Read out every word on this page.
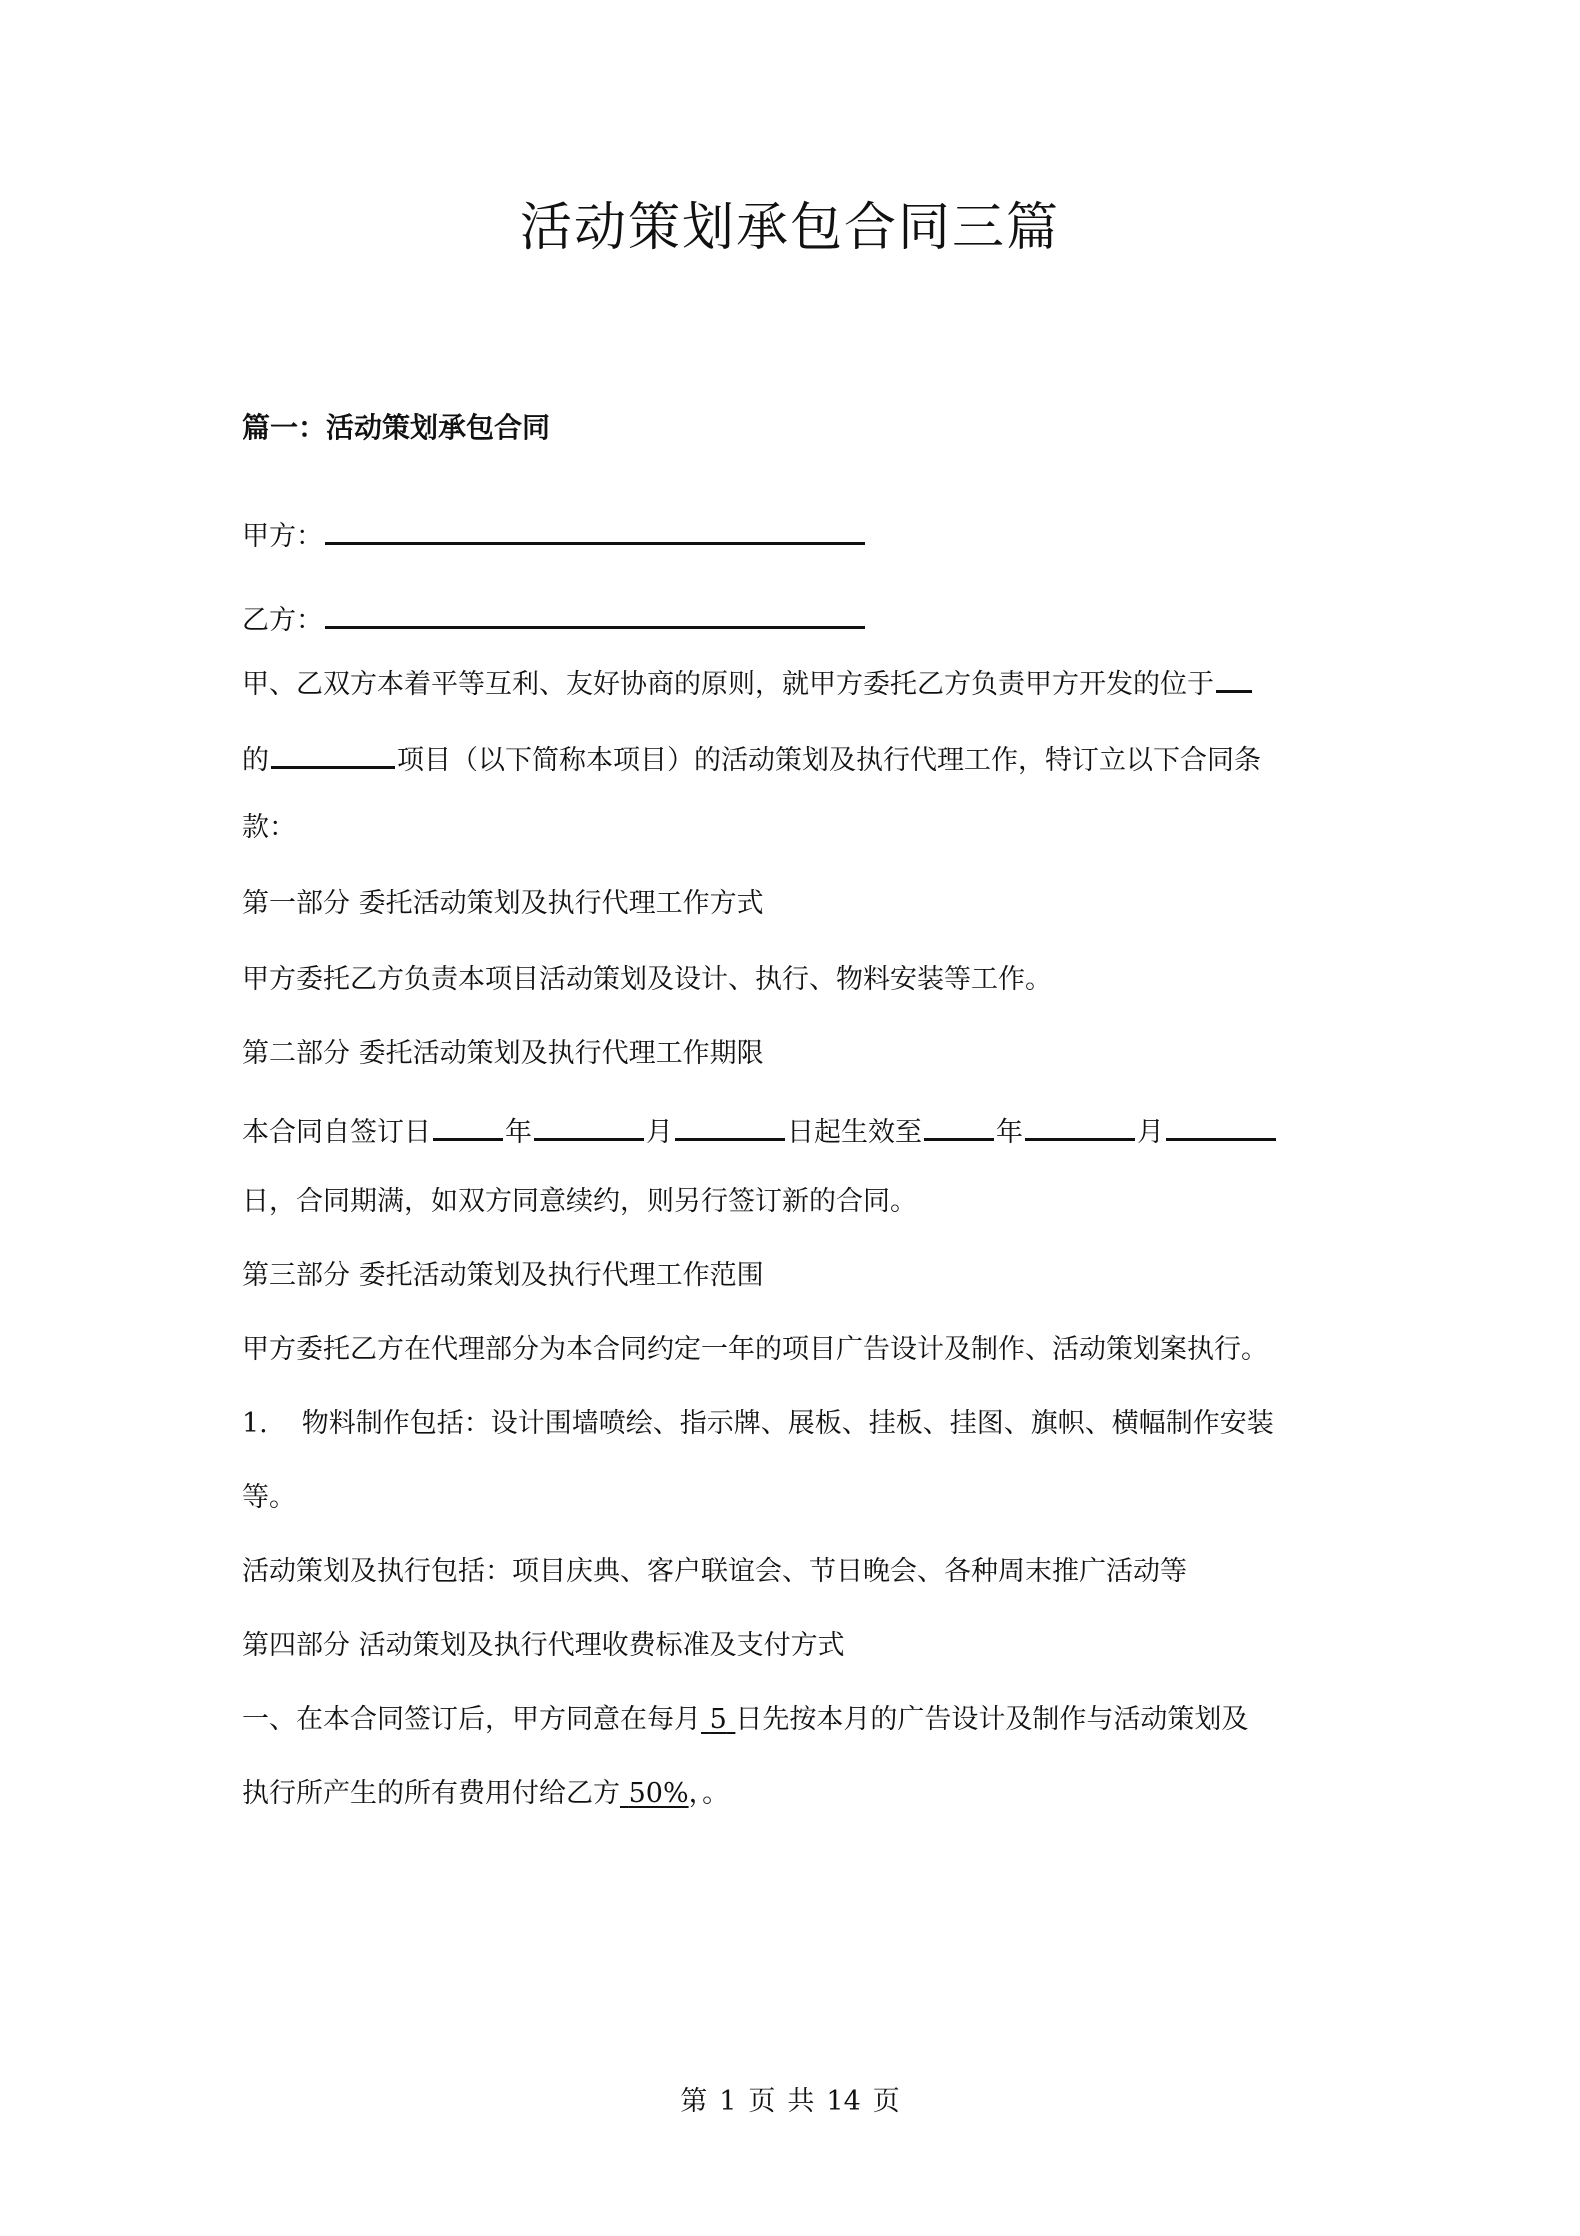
活动策划承包合同三篇
篇一：活动策划承包合同
甲方：
乙方：
甲、乙双方本着平等互利、友好协商的原则，就甲方委托乙方负责甲方开发的位于
的	项目（以下简称本项目）的活动策划及执行代理工作，特订立以下合同条
款：
第一部分 委托活动策划及执行代理工作方式
甲方委托乙方负责本项目活动策划及设计、执行、物料安装等工作。
第二部分 委托活动策划及执行代理工作期限
本合同自签订日	年	月	日起生效至	年	月
日，合同期满，如双方同意续约，则另行签订新的合同。
第三部分 委托活动策划及执行代理工作范围
甲方委托乙方在代理部分为本合同约定一年的项目广告设计及制作、活动策划案执行。
1. 物料制作包括：设计围墙喷绘、指示牌、展板、挂板、挂图、旗帜、横幅制作安装
等。
活动策划及执行包括：项目庆典、客户联谊会、节日晚会、各种周末推广活动等
第四部分 活动策划及执行代理收费标准及支付方式
一、在本合同签订后，甲方同意在每月 5 日先按本月的广告设计及制作与活动策划及
执行所产生的所有费用付给乙方 50%，。
第 1 页 共 14 页
